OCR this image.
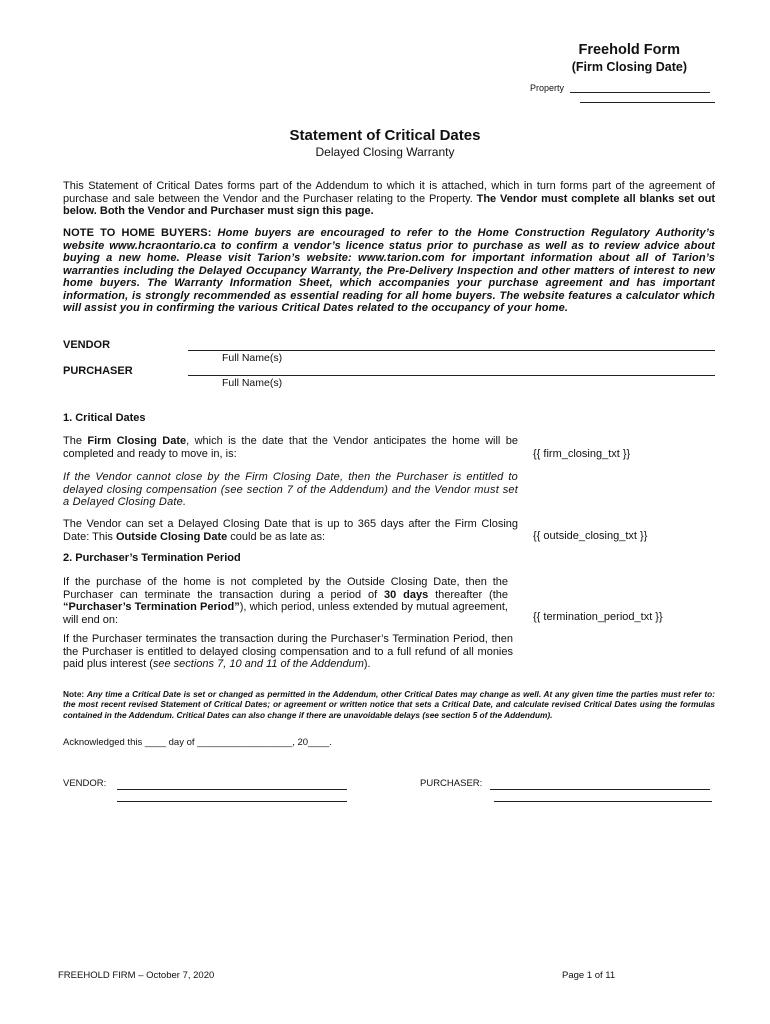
Freehold Form
(Firm Closing Date)
Property
Statement of Critical Dates
Delayed Closing Warranty
This Statement of Critical Dates forms part of the Addendum to which it is attached, which in turn forms part of the agreement of purchase and sale between the Vendor and the Purchaser relating to the Property. The Vendor must complete all blanks set out below. Both the Vendor and Purchaser must sign this page.
NOTE TO HOME BUYERS: Home buyers are encouraged to refer to the Home Construction Regulatory Authority’s website www.hcraontario.ca to confirm a vendor’s licence status prior to purchase as well as to review advice about buying a new home. Please visit Tarion’s website: www.tarion.com for important information about all of Tarion’s warranties including the Delayed Occupancy Warranty, the Pre-Delivery Inspection and other matters of interest to new home buyers. The Warranty Information Sheet, which accompanies your purchase agreement and has important information, is strongly recommended as essential reading for all home buyers. The website features a calculator which will assist you in confirming the various Critical Dates related to the occupancy of your home.
VENDOR
Full Name(s)
PURCHASER
Full Name(s)
1. Critical Dates
The Firm Closing Date, which is the date that the Vendor anticipates the home will be completed and ready to move in, is:	{{ firm_closing_txt }}
If the Vendor cannot close by the Firm Closing Date, then the Purchaser is entitled to delayed closing compensation (see section 7 of the Addendum) and the Vendor must set a Delayed Closing Date.
The Vendor can set a Delayed Closing Date that is up to 365 days after the Firm Closing Date: This Outside Closing Date could be as late as:	{{ outside_closing_txt }}
2. Purchaser’s Termination Period
If the purchase of the home is not completed by the Outside Closing Date, then the Purchaser can terminate the transaction during a period of 30 days thereafter (the “Purchaser’s Termination Period”), which period, unless extended by mutual agreement, will end on:	{{ termination_period_txt }}
If the Purchaser terminates the transaction during the Purchaser’s Termination Period, then the Purchaser is entitled to delayed closing compensation and to a full refund of all monies paid plus interest (see sections 7, 10 and 11 of the Addendum).
Note: Any time a Critical Date is set or changed as permitted in the Addendum, other Critical Dates may change as well. At any given time the parties must refer to: the most recent revised Statement of Critical Dates; or agreement or written notice that sets a Critical Date, and calculate revised Critical Dates using the formulas contained in the Addendum. Critical Dates can also change if there are unavoidable delays (see section 5 of the Addendum).
Acknowledged this ____ day of __________________, 20____.
VENDOR:	PURCHASER:
FREEHOLD FIRM – October 7, 2020	Page 1 of 11
